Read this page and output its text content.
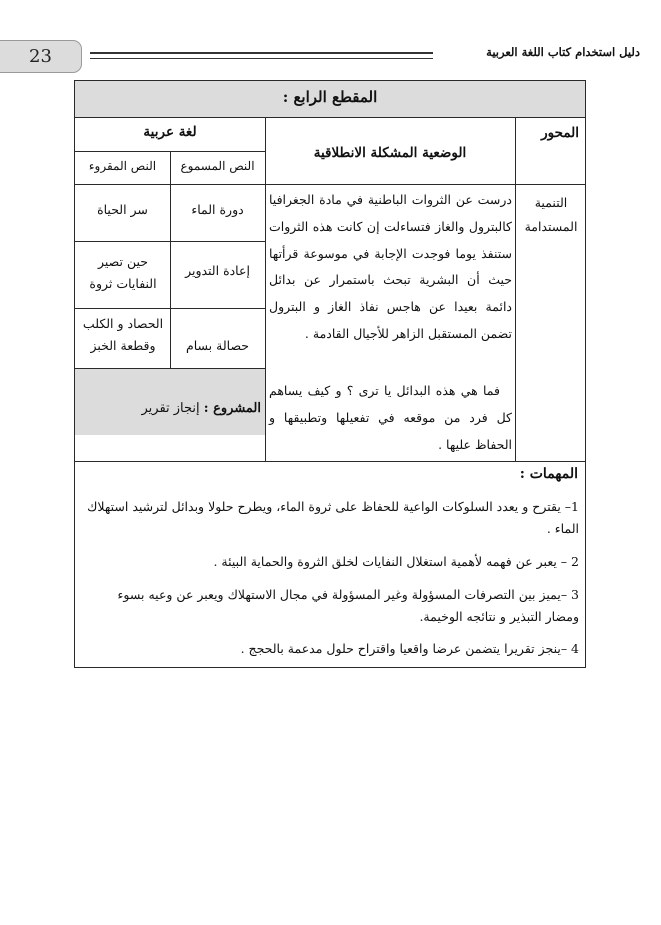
23	دليل استخدام كتاب اللغة العربية
المقطع الرابع :
المحور
الوضعية المشكلة الانطلاقية
لغة عربية
النص المسموع
النص المقروء
التنمية المستدامة
درست عن الثروات الباطنية في مادة الجغرافيا كالبترول والغاز فتساءلت إن كانت هذه الثروات ستنفذ يوما فوجدت الإجابة في موسوعة قرأتها حيث أن البشرية تبحث باستمرار عن بدائل دائمة بعيدا عن هاجس نفاذ الغاز و البترول تضمن المستقبل الزاهر للأجيال القادمة .
فما هي هذه البدائل يا ترى ؟ و كيف يساهم كل فرد من موقعه في تفعيلها وتطبيقها و الحفاظ عليها .
دورة الماء
سر الحياة
إعادة التدوير
حين تصير النفايات ثروة
حصالة بسام
الحصاد و الكلب وقطعة الخبز
المشروع : إنجاز تقرير
المهمات :
1– يقترح و يعدد السلوكات الواعية للحفاظ على ثروة الماء، ويطرح حلولا وبدائل لترشيد استهلاك الماء .
2 – يعبر عن فهمه لأهمية استغلال النفايات لخلق الثروة والحماية البيئة .
3 –يميز بين التصرفات المسؤولة وغير المسؤولة في مجال الاستهلاك ويعبر عن وعيه بسوء ومضار التبذير و نتائجه الوخيمة.
4 –ينجز تقريرا يتضمن عرضا واقعيا واقتراح حلول مدعمة بالحجج .
